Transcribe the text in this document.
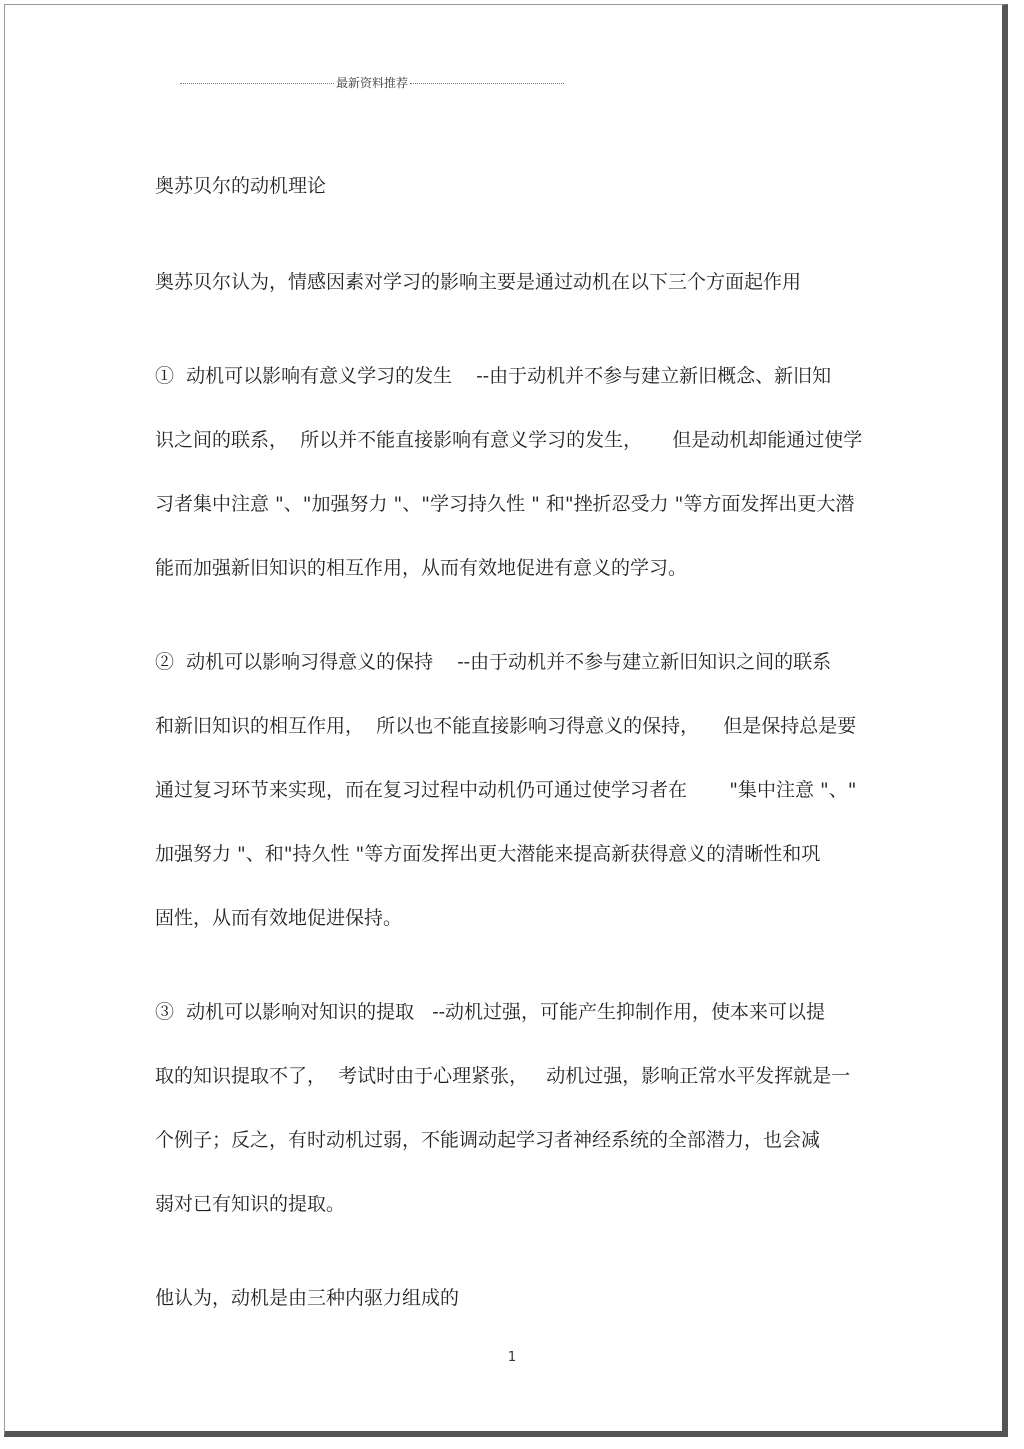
最新资料推荐
奥苏贝尔的动机理论
奥苏贝尔认为，情感因素对学习的影响主要是通过动机在以下三个方面起作用
①  动机可以影响有意义学习的发生    --由于动机并不参与建立新旧概念、新旧知
识之间的联系，  所以并不能直接影响有意义学习的发生，     但是动机却能通过使学
习者集中注意 "、"加强努力 "、"学习持久性 " 和"挫折忍受力 "等方面发挥出更大潜
能而加强新旧知识的相互作用，从而有效地促进有意义的学习。
②  动机可以影响习得意义的保持    --由于动机并不参与建立新旧知识之间的联系
和新旧知识的相互作用，  所以也不能直接影响习得意义的保持，    但是保持总是要
通过复习环节来实现，而在复习过程中动机仍可通过使学习者在       "集中注意 "、"
加强努力 "、和"持久性 "等方面发挥出更大潜能来提高新获得意义的清晰性和巩
固性，从而有效地促进保持。
③  动机可以影响对知识的提取   --动机过强，可能产生抑制作用，使本来可以提
取的知识提取不了，  考试时由于心理紧张，   动机过强，影响正常水平发挥就是一
个例子；反之，有时动机过弱，不能调动起学习者神经系统的全部潜力，也会减
弱对已有知识的提取。
他认为，动机是由三种内驱力组成的
1
